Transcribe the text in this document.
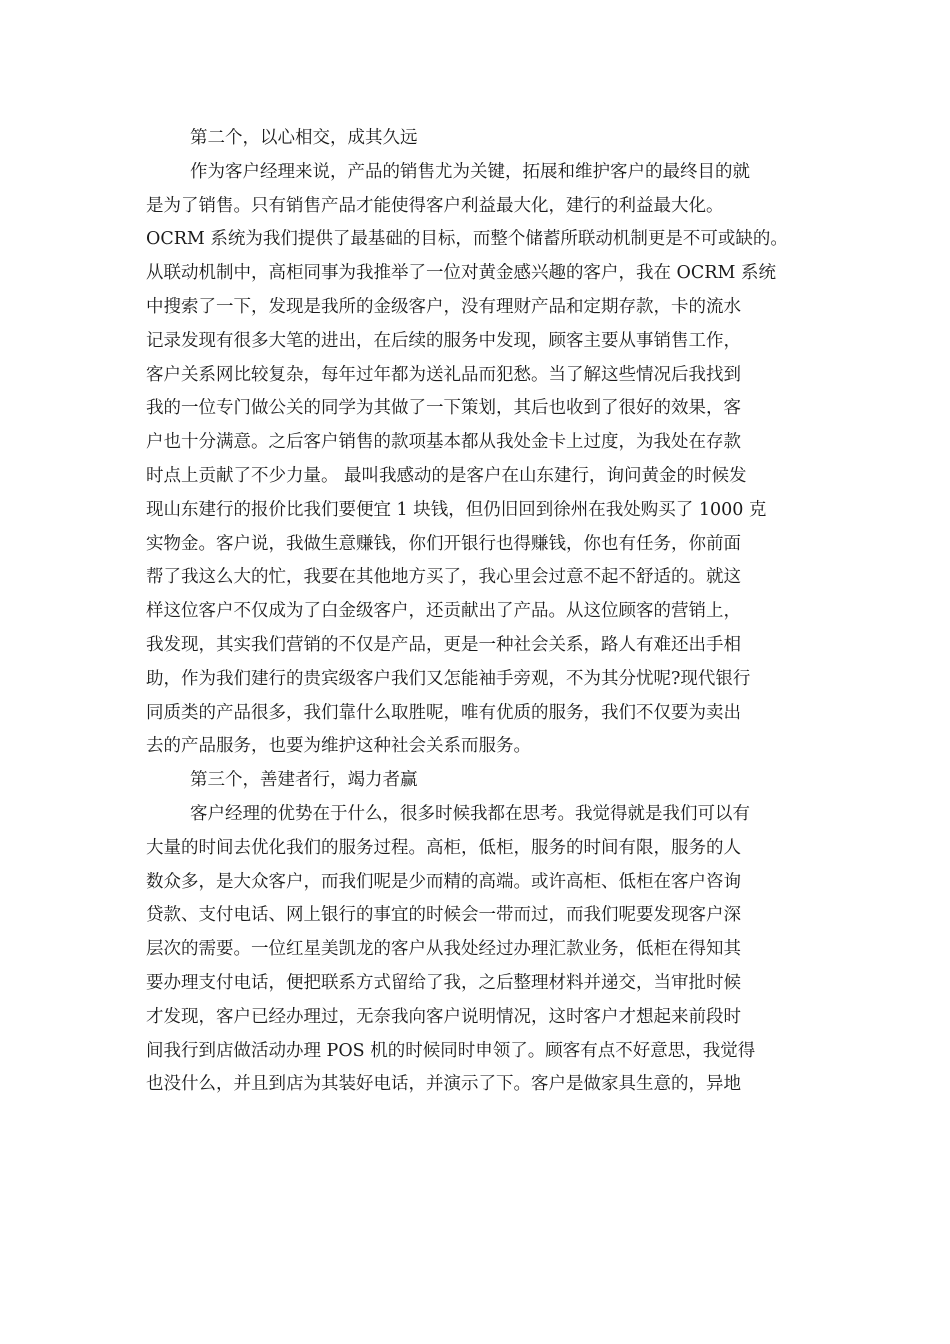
第二个，以心相交，成其久远
作为客户经理来说，产品的销售尤为关键，拓展和维护客户的最终目的就
是为了销售。只有销售产品才能使得客户利益最大化，建行的利益最大化。
OCRM 系统为我们提供了最基础的目标，而整个储蓄所联动机制更是不可或缺的。
从联动机制中，高柜同事为我推举了一位对黄金感兴趣的客户，我在 OCRM 系统
中搜索了一下，发现是我所的金级客户，没有理财产品和定期存款，卡的流水
记录发现有很多大笔的进出，在后续的服务中发现，顾客主要从事销售工作，
客户关系网比较复杂，每年过年都为送礼品而犯愁。当了解这些情况后我找到
我的一位专门做公关的同学为其做了一下策划，其后也收到了很好的效果，客
户也十分满意。之后客户销售的款项基本都从我处金卡上过度，为我处在存款
时点上贡献了不少力量。 最叫我感动的是客户在山东建行，询问黄金的时候发
现山东建行的报价比我们要便宜 1 块钱，但仍旧回到徐州在我处购买了 1000 克
实物金。客户说，我做生意赚钱，你们开银行也得赚钱，你也有任务，你前面
帮了我这么大的忙，我要在其他地方买了，我心里会过意不起不舒适的。就这
样这位客户不仅成为了白金级客户，还贡献出了产品。从这位顾客的营销上，
我发现，其实我们营销的不仅是产品，更是一种社会关系，路人有难还出手相
助，作为我们建行的贵宾级客户我们又怎能袖手旁观，不为其分忧呢?现代银行
同质类的产品很多，我们靠什么取胜呢，唯有优质的服务，我们不仅要为卖出
去的产品服务，也要为维护这种社会关系而服务。
第三个，善建者行，竭力者赢
客户经理的优势在于什么，很多时候我都在思考。我觉得就是我们可以有
大量的时间去优化我们的服务过程。高柜，低柜，服务的时间有限，服务的人
数众多，是大众客户，而我们呢是少而精的高端。或许高柜、低柜在客户咨询
贷款、支付电话、网上银行的事宜的时候会一带而过，而我们呢要发现客户深
层次的需要。一位红星美凯龙的客户从我处经过办理汇款业务，低柜在得知其
要办理支付电话，便把联系方式留给了我，之后整理材料并递交，当审批时候
才发现，客户已经办理过，无奈我向客户说明情况，这时客户才想起来前段时
间我行到店做活动办理 POS 机的时候同时申领了。顾客有点不好意思，我觉得
也没什么，并且到店为其装好电话，并演示了下。客户是做家具生意的，异地
